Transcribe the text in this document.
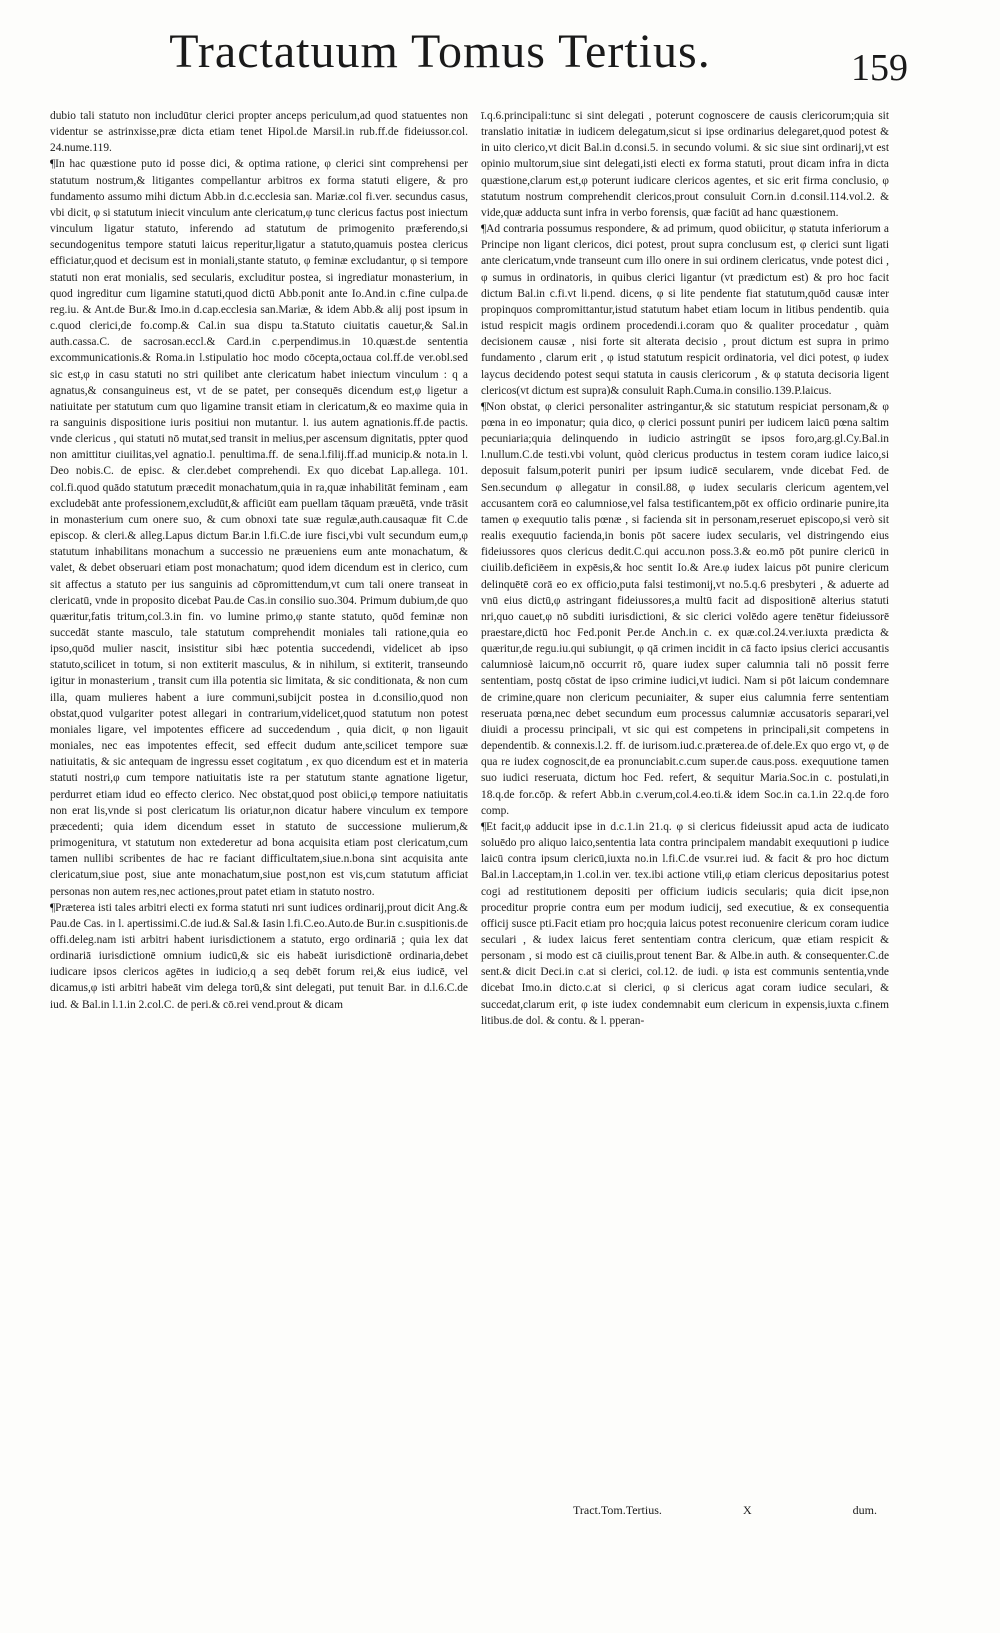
Tractatuum Tomus Tertius.	159

dubio tali statuto non includūtur clerici propter anceps periculum,ad quod statuentes non videntur se astrinxisse,præ dicta etiam tenet Hipol.de Marsil.in rub.ff.de fideiussor.col. 24.nume.119.

¶In hac quæstione puto id posse dici, & optima ratione, φ clerici sint comprehensi per statutum nostrum,& litigantes compellantur arbitros ex forma statuti eligere, & pro fundamento assumo mihi dictum Abb.in d.c.ecclesia san. Mariæ.col fi.ver. secundus casus, vbi dicit, φ si statutum iniecit vinculum ante clericatum,φ tunc clericus factus post iniectum vinculum ligatur statuto, inferendo ad statutum de primogenito præferendo,si secundogenitus tempore statuti laicus reperitur,ligatur a statuto,quamuis postea clericus efficiatur,quod et decisum est in moniali,stante statuto, φ feminæ excludantur, φ si tempore statuti non erat monialis, sed secularis, excluditur postea, si ingrediatur monasterium, in quod ingreditur cum ligamine statuti,quod dictū Abb.ponit ante Io.And.in c.fine culpa.de reg.iu. & Ant.de Bur.& Imo.in d.cap.ecclesia san.Mariæ, & idem Abb.& alij post ipsum in c.quod clerici,de fo.comp.& Cal.in sua dispu ta.Statuto ciuitatis cauetur,& Sal.in auth.cassa.C. de sacrosan.eccl.& Card.in c.perpendimus.in 10.quæst.de sententia excommunicationis.& Roma.in l.stipulatio hoc modo cōcepta,octaua col.ff.de ver.obl.sed sic est,φ in casu statuti no stri quilibet ante clericatum habet iniectum vinculum : q a agnatus,& consanguineus est, vt de se patet, per consequēs dicendum est,φ ligetur a natiuitate per statutum cum quo ligamine transit etiam in clericatum,& eo maxime quia in ra sanguinis dispositione iuris positiui non mutantur. l. ius autem agnationis.ff.de pactis. vnde clericus , qui statuti nō mutat,sed transit in melius,per ascensum dignitatis, ppter quod non amittitur ciuilitas,vel agnatio.l. penultima.ff. de sena.l.filij.ff.ad municip.& nota.in l. Deo nobis.C. de episc. & cler.debet comprehendi. Ex quo dicebat Lap.allega. 101. col.fi.quod quādo statutum præcedit monachatum,quia in ra,quæ inhabilitāt feminam , eam excludebāt ante professionem,excludūt,& afficiūt eam puellam tāquam præuētā, vnde trāsit in monasterium cum onere suo, & cum obnoxi tate suæ regulæ,auth.causaquæ fit C.de episcop. & cleri.& alleg.Lapus dictum Bar.in l.fi.C.de iure fisci,vbi vult secundum eum,φ statutum inhabilitans monachum a successio ne præueniens eum ante monachatum, & valet, & debet obseruari etiam post monachatum; quod idem dicendum est in clerico, cum sit affectus a statuto per ius sanguinis ad cōpromittendum,vt cum tali onere transeat in clericatū, vnde in proposito dicebat Pau.de Cas.in consilio suo.304. Primum dubium,de quo quæritur,fatis tritum,col.3.in fin. vo lumine primo,φ stante statuto, quōd feminæ non succedāt stante masculo, tale statutum comprehendit moniales tali ratione,quia eo ipso,quōd mulier nascit, insistitur sibi hæc potentia succedendi, videlicet ab ipso statuto,scilicet in totum, si non extiterit masculus, & in nihilum, si extiterit, transeundo igitur in monasterium , transit cum illa potentia sic limitata, & sic conditionata, & non cum illa, quam mulieres habent a iure communi,subijcit postea in d.consilio,quod non obstat,quod vulgariter potest allegari in contrarium,videlicet,quod statutum non potest moniales ligare, vel impotentes efficere ad succedendum , quia dicit, φ non ligauit moniales, nec eas impotentes effecit, sed effecit dudum ante,scilicet tempore suæ natiuitatis, & sic antequam de ingressu esset cogitatum , ex quo dicendum est et in materia statuti nostri,φ cum tempore natiuitatis iste ra per statutum stante agnatione ligetur, perdurret etiam idud eo effecto clerico. Nec obstat,quod post obiici,φ tempore natiuitatis non erat lis,vnde si post clericatum lis oriatur,non dicatur habere vinculum ex tempore præcedenti; quia idem dicendum esset in statuto de successione mulierum,& primogenitura, vt statutum non extederetur ad bona acquisita etiam post clericatum,cum tamen nullibi scribentes de hac re faciant difficultatem,siue.n.bona sint acquisita ante clericatum,siue post, siue ante monachatum,siue post,non est vis,cum statutum afficiat personas non autem res,nec actiones,prout patet etiam in statuto nostro.

¶Præterea isti tales arbitri electi ex forma statuti nri sunt iudices ordinarij,prout dicit Ang.& Pau.de Cas. in l. apertissimi.C.de iud.& Sal.& Iasin l.fi.C.eo.Auto.de Bur.in c.suspitionis.de offi.deleg.nam isti arbitri habent iurisdictionem a statuto, ergo ordinariā ; quia lex dat ordinariā iurisdictionē omnium iudicū,& sic eis habeāt iurisdictionē ordinaria,debet iudicare ipsos clericos agētes in iudicio,q a seq debēt forum rei,& eius iudicē, vel dicamus,φ isti arbitri habeāt vim delega torū,& sint delegati, put tenuit Bar. in d.l.6.C.de iud. & Bal.in l.1.in 2.col.C. de peri.& cō.rei vend.prout & dicam

ī.q.6.principali:tunc si sint delegati , poterunt cognoscere de causis clericorum;quia sit translatio initatiæ in iudicem delegatum,sicut si ipse ordinarius delegaret,quod potest & in uito clerico,vt dicit Bal.in d.consi.5. in secundo volumi. & sic siue sint ordinarij,vt est opinio multorum,siue sint delegati,isti electi ex forma statuti, prout dicam infra in dicta quæstione,clarum est,φ poterunt iudicare clericos agentes, et sic erit firma conclusio, φ statutum nostrum comprehendit clericos,prout consuluit Corn.in d.consil.114.vol.2. & vide,quæ adducta sunt infra in verbo forensis, quæ faciūt ad hanc quæstionem.

¶Ad contraria possumus respondere, & ad primum, quod obiicitur, φ statuta inferiorum a Principe non ligant clericos, dici potest, prout supra conclusum est, φ clerici sunt ligati ante clericatum,vnde transeunt cum illo onere in sui ordinem clericatus, vnde potest dici , φ sumus in ordinatoris, in quibus clerici ligantur (vt prædictum est) & pro hoc facit dictum Bal.in c.fi.vt li.pend. dicens, φ si lite pendente fiat statutum,quōd causæ inter propinquos compromittantur,istud statutum habet etiam locum in litibus pendentib. quia istud respicit magis ordinem procedendi.i.coram quo & qualiter procedatur , quàm decisionem causæ , nisi forte sit alterata decisio , prout dictum est supra in primo fundamento , clarum erit , φ istud statutum respicit ordinatoria, vel dici potest, φ iudex laycus decidendo potest sequi statuta in causis clericorum , & φ statuta decisoria ligent clericos(vt dictum est supra)& consuluit Raph.Cuma.in consilio.139.P.laicus.

¶Non obstat, φ clerici personaliter astringantur,& sic statutum respiciat personam,& φ pœna in eo imponatur; quia dico, φ clerici possunt puniri per iudicem laicū pœna saltim pecuniaria;quia delinquendo in iudicio astringūt se ipsos foro,arg.gl.Cy.Bal.in l.nullum.C.de testi.vbi volunt, quòd clericus productus in testem coram iudice laico,si deposuit falsum,poterit puniri per ipsum iudicē secularem, vnde dicebat Fed. de Sen.secundum φ allegatur in consil.88, φ iudex secularis clericum agentem,vel accusantem corā eo calumniose,vel falsa testificantem,pōt ex officio ordinarie punire,ita tamen φ exequutio talis pœnæ , si facienda sit in personam,reseruet episcopo,si verò sit realis exequutio facienda,in bonis pōt sacere iudex secularis, vel distringendo eius fideiussores quos clericus dedit.C.qui accu.non poss.3.& eo.mō pōt punire clericū in ciuilib.deficiēem in expēsis,& hoc sentit Io.& Are.φ iudex laicus pōt punire clericum delinquētē corā eo ex officio,puta falsi testimonij,vt no.5.q.6 presbyteri , & aduerte ad vnū eius dictū,φ astringant fideiussores,a multū facit ad dispositionē alterius statuti nri,quo cauet,φ nō subditi iurisdictioni, & sic clerici volēdo agere tenētur fideiussorē praestare,dictū hoc Fed.ponit Per.de Anch.in c. ex quæ.col.24.ver.iuxta prædicta & quæritur,de regu.iu.qui subiungit, φ qā crimen incidit in cā facto ipsius clerici accusantis calumniosè laicum,nō occurrit rō, quare iudex super calumnia tali nō possit ferre sententiam, postq cōstat de ipso crimine iudici,vt iudici. Nam si pōt laicum condemnare de crimine,quare non clericum pecuniaiter, & super eius calumnia ferre sententiam reseruata pœna,nec debet secundum eum processus calumniæ accusatoris separari,vel diuidi a processu principali, vt sic qui est competens in principali,sit competens in dependentib. & connexis.l.2. ff. de iurisom.iud.c.præterea.de of.dele.Ex quo ergo vt, φ de qua re iudex cognoscit,de ea pronunciabit.c.cum super.de caus.poss. exequutione tamen suo iudici reseruata, dictum hoc Fed. refert, & sequitur Maria.Soc.in c. postulati,in 18.q.de for.cōp. & refert Abb.in c.verum,col.4.eo.ti.& idem Soc.in ca.1.in 22.q.de foro comp.

¶Et facit,φ adducit ipse in d.c.1.in 21.q. φ si clericus fideiussit apud acta de iudicato soluēdo pro aliquo laico,sententia lata contra principalem mandabit exequutioni p iudice laicū contra ipsum clericū,iuxta no.in l.fi.C.de vsur.rei iud. & facit & pro hoc dictum Bal.in l.acceptam,in 1.col.in ver. tex.ibi actione vtili,φ etiam clericus depositarius potest cogi ad restitutionem depositi per officium iudicis secularis; quia dicit ipse,non proceditur proprie contra eum per modum iudicij, sed executiue, & ex consequentia officij susce pti.Facit etiam pro hoc;quia laicus potest reconuenire clericum coram iudice seculari , & iudex laicus feret sententiam contra clericum, quæ etiam respicit & personam , si modo est cā ciuilis,prout tenent Bar. & Albe.in auth. & consequenter.C.de sent.& dicit Deci.in c.at si clerici, col.12. de iudi. φ ista est communis sententia,vnde dicebat Imo.in dicto.c.at si clerici, φ si clericus agat coram iudice seculari, & succedat,clarum erit, φ iste iudex condemnabit eum clericum in expensis,iuxta c.finem litibus.de dol. & contu. & l. pperan-

Tract.Tom.Tertius.	X	dum.
